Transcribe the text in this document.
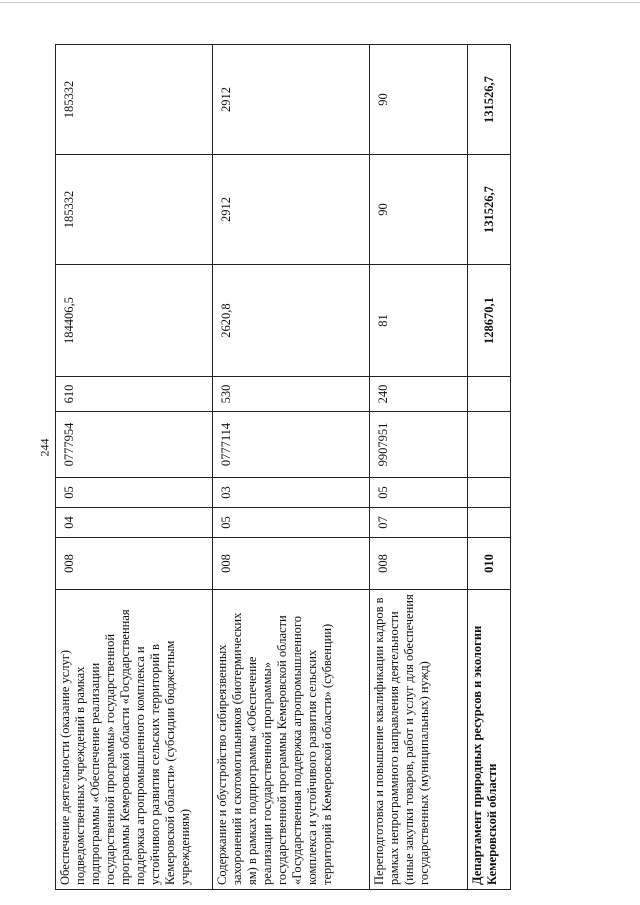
244
Обеспечение деятельности (оказание услуг) подведомственных учреждений в рамках подпрограммы «Обеспечение реализации государственной программы» государственной программы Кемеровской области «Государственная поддержка агропромышленного комплекса и устойчивого развития сельских территорий в Кемеровской области» (субсидии бюджетным учреждениям)	008	04	05	0777954	610	184406,5	185332	185332
Содержание и обустройство сибиреязвенных захоронений и скотомогильников (биотермических ям) в рамках подпрограммы «Обеспечение реализации государственной программы» государственной программы Кемеровской области «Государственная поддержка агропромышленного комплекса и устойчивого развития сельских территорий в Кемеровской области» (субвенции)	008	05	03	0777114	530	2620,8	2912	2912
Переподготовка и повышение квалификации кадров в рамках непрограммного направления деятельности (иные закупки товаров, работ и услуг для обеспечения государственных (муниципальных) нужд)	008	07	05	9907951	240	81	90	90
Департамент природных ресурсов и экологии Кемеровской области	010					128670,1	131526,7	131526,7
